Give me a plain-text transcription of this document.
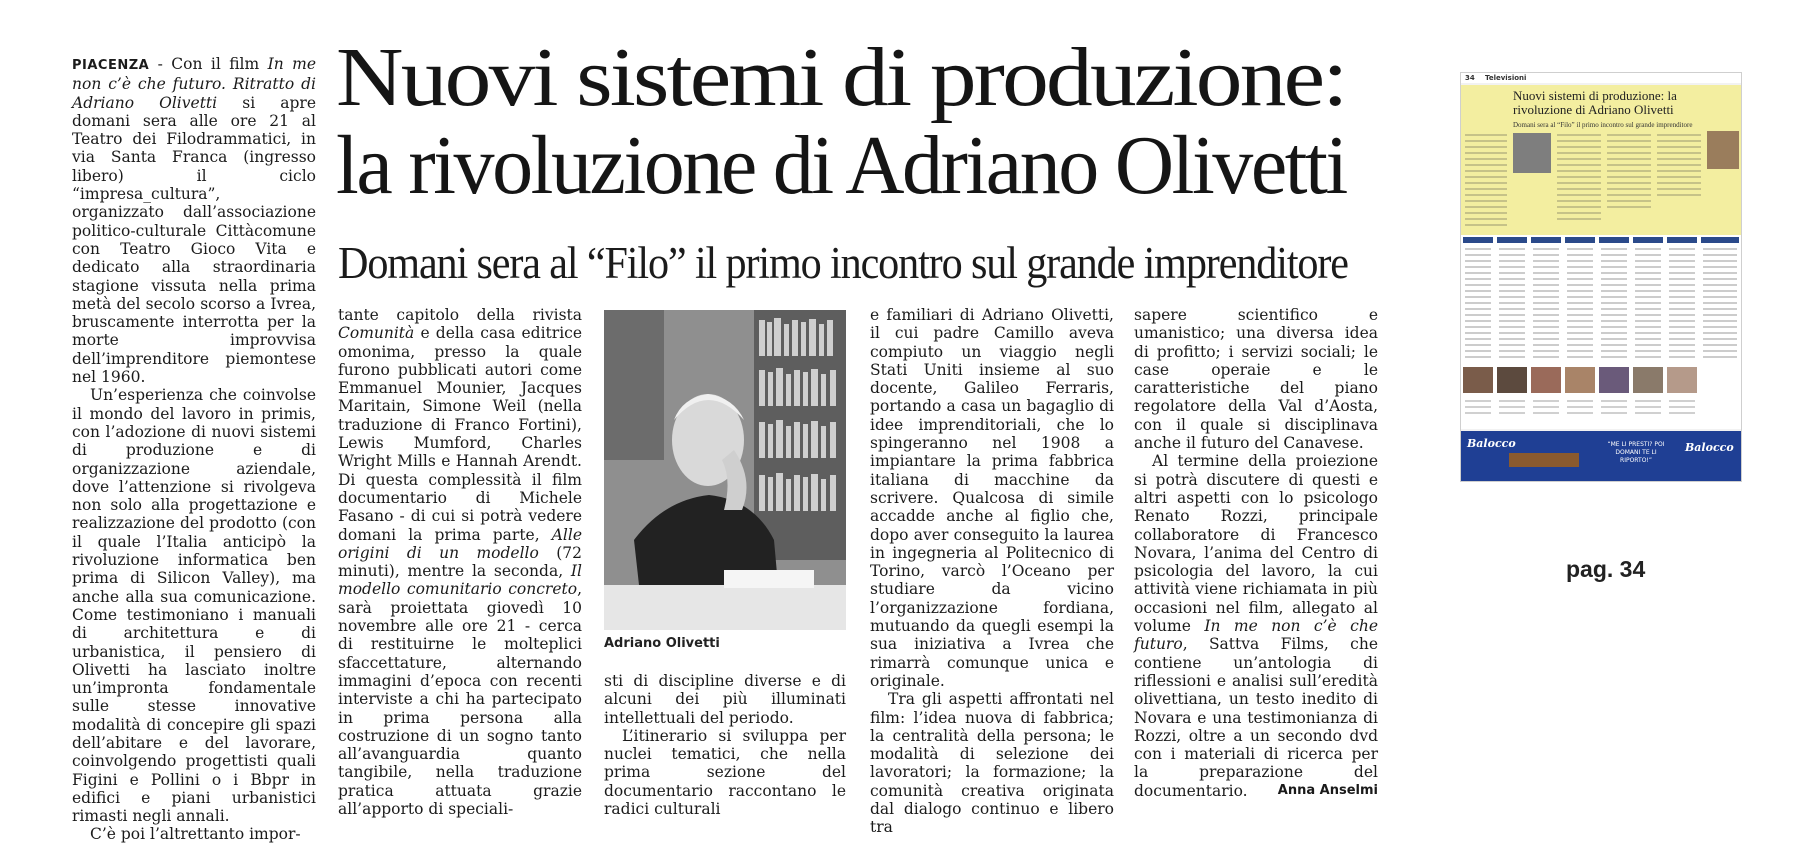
Nuovi sistemi di produzione:
la rivoluzione di Adriano Olivetti
Domani sera al “Filo” il primo incontro sul grande imprenditore

PIACENZA - Con il film In me non c’è che futuro. Ritratto di Adriano Olivetti si apre domani sera alle ore 21 al Teatro dei Filodrammatici, in via Santa Franca (ingresso libero) il ciclo “impresa_cultura”, organizzato dall’associazione politico-culturale Cittàcomune con Teatro Gioco Vita e dedicato alla straordinaria stagione vissuta nella prima metà del secolo scorso a Ivrea, bruscamente interrotta per la morte improvvisa dell’imprenditore piemontese nel 1960.

Un’esperienza che coinvolse il mondo del lavoro in primis, con l’adozione di nuovi sistemi di produzione e di organizzazione aziendale, dove l’attenzione si rivolgeva non solo alla progettazione e realizzazione del prodotto (con il quale l’Italia anticipò la rivoluzione informatica ben prima di Silicon Valley), ma anche alla sua comunicazione. Come testimoniano i manuali di architettura e di urbanistica, il pensiero di Olivetti ha lasciato inoltre un’impronta fondamentale sulle stesse innovative modalità di concepire gli spazi dell’abitare e del lavorare, coinvolgendo progettisti quali Figini e Pollini o i Bbpr in edifici e piani urbanistici rimasti negli annali.

C’è poi l’altrettanto impor-

tante capitolo della rivista Comunità e della casa editrice omonima, presso la quale furono pubblicati autori come Emmanuel Mounier, Jacques Maritain, Simone Weil (nella traduzione di Franco Fortini), Lewis Mumford, Charles Wright Mills e Hannah Arendt. Di questa complessità il film documentario di Michele Fasano - di cui si potrà vedere domani la prima parte, Alle origini di un modello (72 minuti), mentre la seconda, Il modello comunitario concreto, sarà proiettata giovedì 10 novembre alle ore 21 - cerca di restituirne le molteplici sfaccettature, alternando immagini d’epoca con recenti interviste a chi ha partecipato in prima persona alla costruzione di un sogno tanto all’avanguardia quanto tangibile, nella traduzione pratica attuata grazie all’apporto di speciali-

Adriano Olivetti

sti di discipline diverse e di alcuni dei più illuminati intellettuali del periodo.

L’itinerario si sviluppa per nuclei tematici, che nella prima sezione del documentario raccontano le radici culturali

e familiari di Adriano Olivetti, il cui padre Camillo aveva compiuto un viaggio negli Stati Uniti insieme al suo docente, Galileo Ferraris, portando a casa un bagaglio di idee imprenditoriali, che lo spingeranno nel 1908 a impiantare la prima fabbrica italiana di macchine da scrivere. Qualcosa di simile accadde anche al figlio che, dopo aver conseguito la laurea in ingegneria al Politecnico di Torino, varcò l’Oceano per studiare da vicino l’organizzazione fordiana, mutuando da quegli esempi la sua iniziativa a Ivrea che rimarrà comunque unica e originale.

Tra gli aspetti affrontati nel film: l’idea nuova di fabbrica; la centralità della persona; le modalità di selezione dei lavoratori; la formazione; la comunità creativa originata dal dialogo continuo e libero tra

sapere scientifico e umanistico; una diversa idea di profitto; i servizi sociali; le case operaie e le caratteristiche del piano regolatore della Val d’Aosta, con il quale si disciplinava anche il futuro del Canavese.

Al termine della proiezione si potrà discutere di questi e altri aspetti con lo psicologo Renato Rozzi, principale collaboratore di Francesco Novara, l’anima del Centro di psicologia del lavoro, la cui attività viene richiamata in più occasioni nel film, allegato al volume In me non c’è che futuro, Sattva Films, che contiene un’antologia di riflessioni e analisi sull’eredità olivettiana, un testo inedito di Novara e una testimonianza di Rozzi, oltre a un secondo dvd con i materiali di ricerca per la preparazione del documentario.	Anna Anselmi
34 Televisioni
Nuovi sistemi di produzione: la rivoluzione di Adriano Olivetti
Domani sera al “Filo” il primo incontro sul grande imprenditore
Balocco	“ME LI PRESTI? POI DOMANI TE LI RIPORTO!”
Balocco
pag. 34
